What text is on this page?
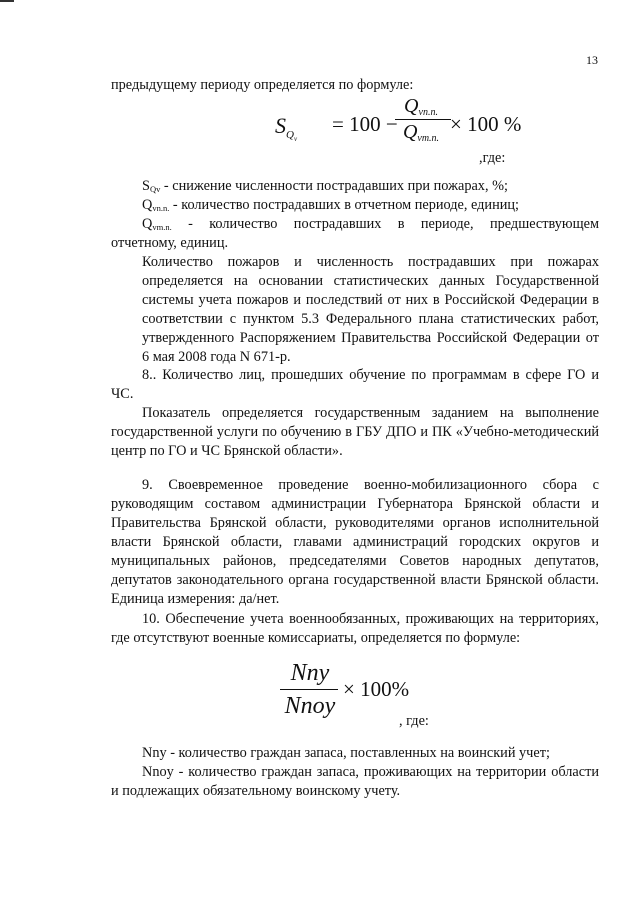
13

предыдущему периоду определяется по формуле:

$S_{Qv}$
= 100 −
Qvn.n.
Qvm.n.
× 100 %
,где:

SQv - снижение численности пострадавших при пожарах, %;

Qvn.n. - количество пострадавших в отчетном периоде, единиц;

Qvm.n. - количество пострадавших в периоде, предшествующем

отчетному, единиц.

Количество пожаров и численность пострадавших при пожарах определяется на основании статистических данных Государственной системы учета пожаров и последствий от них в Российской Федерации в соответствии с пунктом 5.3 Федерального плана статистических работ, утвержденного Распоряжением Правительства Российской Федерации от 6 мая 2008 года N 671-р.

8.. Количество лиц, прошедших обучение по программам в сфере ГО и ЧС.

Показатель определяется государственным заданием на выполнение государственной услуги по обучению в ГБУ ДПО и ПК «Учебно-методический центр по ГО и ЧС Брянской области».

9. Своевременное проведение военно-мобилизационного сбора с руководящим составом администрации Губернатора Брянской области и Правительства Брянской области, руководителями органов исполнительной власти Брянской области, главами администраций городских округов и муниципальных районов, председателями Советов народных депутатов, депутатов законодательного органа государственной власти Брянской области. Единица измерения: да/нет.

10. Обеспечение учета военнообязанных, проживающих на территориях, где отсутствуют военные комиссариаты, определяется по формуле:

Nny
Nnoy
× 100%
, где:

Nny - количество граждан запаса, поставленных на воинский учет;

Nnoy - количество граждан запаса, проживающих на территории области и подлежащих обязательному воинскому учету.
